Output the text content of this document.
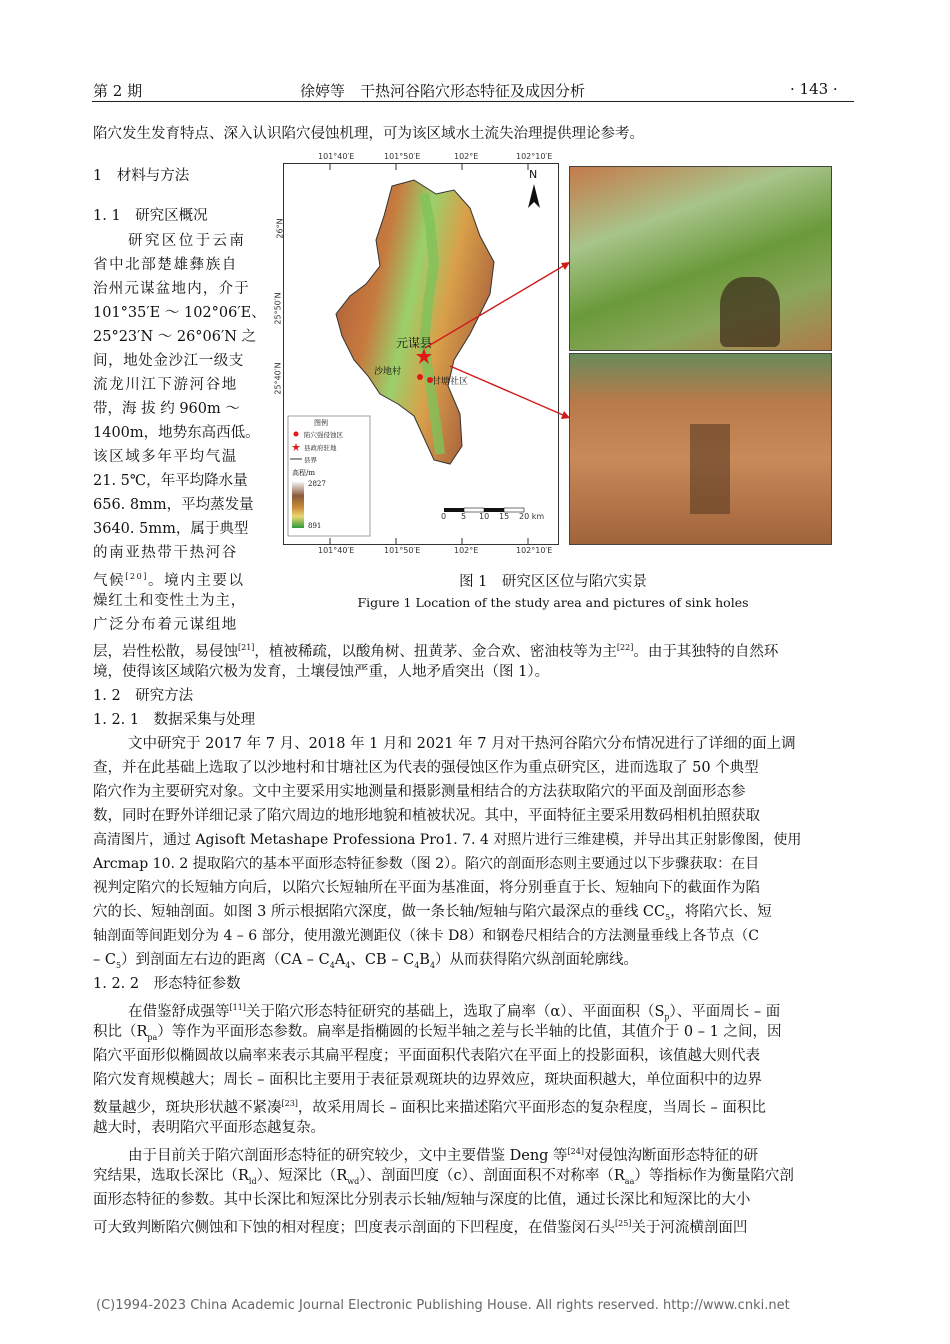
第 2 期	徐婷等　干热河谷陷穴形态特征及成因分析	· 143 ·

陷穴发生发育特点、深入认识陷穴侵蚀机理，可为该区域水土流失治理提供理论参考。

1　材料与方法

1. 1　研究区概况

研究区位于云南

省中北部楚雄彝族自

治州元谋盆地内，介于

101°35′E ～ 102°06′E、

25°23′N ～ 26°06′N 之

间，地处金沙江一级支

流龙川江下游河谷地

带，海 拔 约 960m ～

1400m，地势东高西低。

该区域多年平均气温

21. 5℃，年平均降水量

656. 8mm，平均蒸发量

3640. 5mm，属于典型

的南亚热带干热河谷

气候[20]。境内主要以

燥红土和变性土为主，

广泛分布着元谋组地

101°40′E	101°50′E	102°E	102°10′E
101°40′E	101°50′E	102°E	102°10′E
26°N
25°50′N
25°40′N
N
元谋县
沙地村
甘塘社区
图例
陷穴强侵蚀区
县政府驻地
县界
高程/m
2827
891
0 5 10 15 20 km

图 1　研究区区位与陷穴实景

Figure 1 Location of the study area and pictures of sink holes

层，岩性松散，易侵蚀[21]，植被稀疏，以酸角树、扭黄茅、金合欢、密油枝等为主[22]。由于其独特的自然环

境，使得该区域陷穴极为发育，土壤侵蚀严重，人地矛盾突出（图 1）。

1. 2　研究方法

1. 2. 1　数据采集与处理

文中研究于 2017 年 7 月、2018 年 1 月和 2021 年 7 月对干热河谷陷穴分布情况进行了详细的面上调

查，并在此基础上选取了以沙地村和甘塘社区为代表的强侵蚀区作为重点研究区，进而选取了 50 个典型

陷穴作为主要研究对象。文中主要采用实地测量和摄影测量相结合的方法获取陷穴的平面及剖面形态参

数，同时在野外详细记录了陷穴周边的地形地貌和植被状况。其中，平面特征主要采用数码相机拍照获取

高清图片，通过 Agisoft Metashape Professiona Pro1. 7. 4 对照片进行三维建模，并导出其正射影像图，使用

Arcmap 10. 2 提取陷穴的基本平面形态特征参数（图 2）。陷穴的剖面形态则主要通过以下步骤获取：在目

视判定陷穴的长短轴方向后，以陷穴长短轴所在平面为基准面，将分别垂直于长、短轴向下的截面作为陷

穴的长、短轴剖面。如图 3 所示根据陷穴深度，做一条长轴/短轴与陷穴最深点的垂线 $CC_5$，将陷穴长、短

轴剖面等间距划分为 4 – 6 部分，使用激光测距仪（徕卡 D8）和钢卷尺相结合的方法测量垂线上各节点（C

– $C_5$）到剖面左右边的距离（$CA - C_4A_4$、CB – $C_4B_4$）从而获得陷穴纵剖面轮廓线。

1. 2. 2　形态特征参数

在借鉴舒成强等[11]关于陷穴形态特征研究的基础上，选取了扁率（α）、平面面积$(S_p)$、平面周长 – 面

积比$(R_{pa})$等作为平面形态参数。扁率是指椭圆的长短半轴之差与长半轴的比值，其值介于 0 – 1 之间，因

陷穴平面形似椭圆故以扁率来表示其扁平程度；平面面积代表陷穴在平面上的投影面积，该值越大则代表

陷穴发育规模越大；周长 – 面积比主要用于表征景观斑块的边界效应，斑块面积越大，单位面积中的边界

数量越少，斑块形状越不紧凑[23]，故采用周长 – 面积比来描述陷穴平面形态的复杂程度，当周长 – 面积比

越大时，表明陷穴平面形态越复杂。

由于目前关于陷穴剖面形态特征的研究较少，文中主要借鉴 Deng 等[24]对侵蚀沟断面形态特征的研

究结果，选取长深比$(R_{ld})$、短深比$(R_{wd})$、剖面凹度（c）、剖面面积不对称率$(R_{aa})$等指标作为衡量陷穴剖

面形态特征的参数。其中长深比和短深比分别表示长轴/短轴与深度的比值，通过长深比和短深比的大小

可大致判断陷穴侧蚀和下蚀的相对程度；凹度表示剖面的下凹程度，在借鉴闵石头[25]关于河流横剖面凹

(C)1994-2023 China Academic Journal Electronic Publishing House. All rights reserved. http://www.cnki.net
